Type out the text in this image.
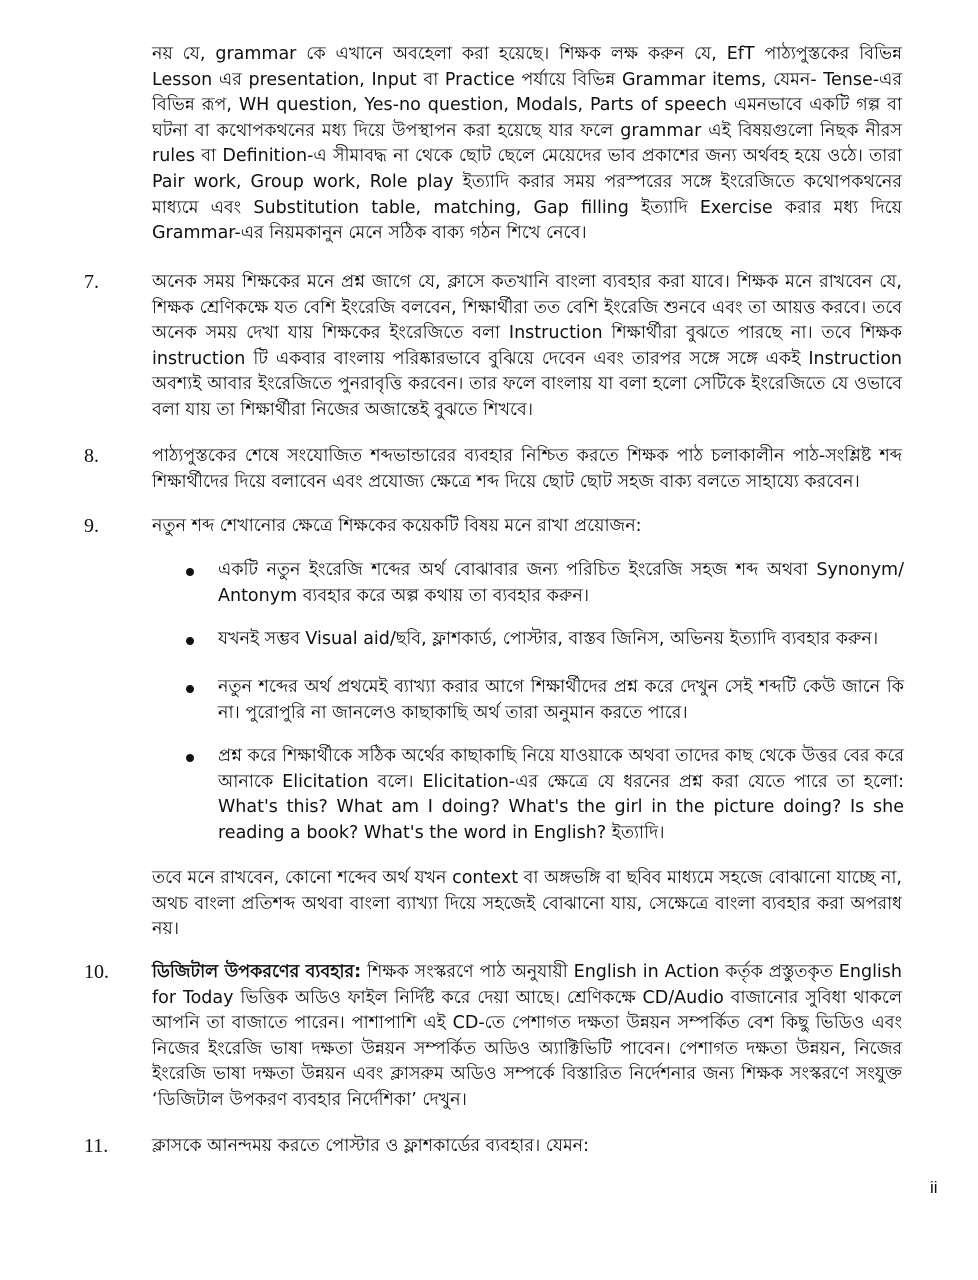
নয় যে, grammar কে এখানে অবহেলা করা হয়েছে। শিক্ষক লক্ষ করুন যে, EfT পাঠ্যপুস্তকের বিভিন্ন Lesson এর presentation, Input বা Practice পর্যায়ে বিভিন্ন Grammar items, যেমন- Tense-এর বিভিন্ন রূপ, WH question, Yes-no question, Modals, Parts of speech এমনভাবে একটি গল্প বা ঘটনা বা কথোপকথনের মধ্য দিয়ে উপস্থাপন করা হয়েছে যার ফলে grammar এই বিষয়গুলো নিছক নীরস rules বা Definition-এ সীমাবদ্ধ না থেকে ছোট ছেলে মেয়েদের ভাব প্রকাশের জন্য অর্থবহ হয়ে ওঠে। তারা Pair work, Group work, Role play ইত্যাদি করার সময় পরস্পরের সঙ্গে ইংরেজিতে কথোপকথনের মাধ্যমে এবং Substitution table, matching, Gap filling ইত্যাদি Exercise করার মধ্য দিয়ে Grammar-এর নিয়মকানুন মেনে সঠিক বাক্য গঠন শিখে নেবে।

7.	অনেক সময় শিক্ষকের মনে প্রশ্ন জাগে যে, ক্লাসে কতখানি বাংলা ব্যবহার করা যাবে। শিক্ষক মনে রাখবেন যে, শিক্ষক শ্রেণিকক্ষে যত বেশি ইংরেজি বলবেন, শিক্ষার্থীরা তত বেশি ইংরেজি শুনবে এবং তা আয়ত্ত করবে। তবে অনেক সময় দেখা যায় শিক্ষকের ইংরেজিতে বলা Instruction শিক্ষার্থীরা বুঝতে পারছে না। তবে শিক্ষক instruction টি একবার বাংলায় পরিষ্কারভাবে বুঝিয়ে দেবেন এবং তারপর সঙ্গে সঙ্গে একই Instruction অবশ্যই আবার ইংরেজিতে পুনরাবৃত্তি করবেন। তার ফলে বাংলায় যা বলা হলো সেটিকে ইংরেজিতে যে ওভাবে বলা যায় তা শিক্ষার্থীরা নিজের অজান্তেই বুঝতে শিখবে।

8.	পাঠ্যপুস্তকের শেষে সংযোজিত শব্দভান্ডারের ব্যবহার নিশ্চিত করতে শিক্ষক পাঠ চলাকালীন পাঠ-সংশ্লিষ্ট শব্দ শিক্ষার্থীদের দিয়ে বলাবেন এবং প্রযোজ্য ক্ষেত্রে শব্দ দিয়ে ছোট ছোট সহজ বাক্য বলতে সাহায্যে করবেন।

9.	নতুন শব্দ শেখানোর ক্ষেত্রে শিক্ষকের কয়েকটি বিষয় মনে রাখা প্রয়োজন:

একটি নতুন ইংরেজি শব্দের অর্থ বোঝাবার জন্য পরিচিত ইংরেজি সহজ শব্দ অথবা Synonym/ Antonym ব্যবহার করে অল্প কথায় তা ব্যবহার করুন।

যখনই সম্ভব Visual aid/ছবি, ফ্লাশকার্ড, পোস্টার, বাস্তব জিনিস, অভিনয় ইত্যাদি ব্যবহার করুন।

নতুন শব্দের অর্থ প্রথমেই ব্যাখ্যা করার আগে শিক্ষার্থীদের প্রশ্ন করে দেখুন সেই শব্দটি কেউ জানে কি না। পুরোপুরি না জানলেও কাছাকাছি অর্থ তারা অনুমান করতে পারে।

প্রশ্ন করে শিক্ষার্থীকে সঠিক অর্থের কাছাকাছি নিয়ে যাওয়াকে অথবা তাদের কাছ থেকে উত্তর বের করে আনাকে Elicitation বলে। Elicitation-এর ক্ষেত্রে যে ধরনের প্রশ্ন করা যেতে পারে তা হলো: What's this? What am I doing? What's the girl in the picture doing? Is she reading a book? What's the word in English? ইত্যাদি।

তবে মনে রাখবেন, কোনো শব্দেব অর্থ যখন context বা অঙ্গভঙ্গি বা ছবিব মাধ্যমে সহজে বোঝানো যাচ্ছে না, অথচ বাংলা প্রতিশব্দ অথবা বাংলা ব্যাখ্যা দিয়ে সহজেই বোঝানো যায়, সেক্ষেত্রে বাংলা ব্যবহার করা অপরাধ নয়।

10. ডিজিটাল উপকরণের ব্যবহার: শিক্ষক সংস্করণে পাঠ অনুযায়ী English in Action কর্তৃক প্রস্তুতকৃত English for Today ভিত্তিক অডিও ফাইল নির্দিষ্ট করে দেয়া আছে। শ্রেণিকক্ষে CD/Audio বাজানোর সুবিধা থাকলে আপনি তা বাজাতে পারেন। পাশাপাশি এই CD-তে পেশাগত দক্ষতা উন্নয়ন সম্পর্কিত বেশ কিছু ভিডিও এবং নিজের ইংরেজি ভাষা দক্ষতা উন্নয়ন সম্পর্কিত অডিও অ্যাক্টিভিটি পাবেন। পেশাগত দক্ষতা উন্নয়ন, নিজের ইংরেজি ভাষা দক্ষতা উন্নয়ন এবং ক্লাসরুম অডিও সম্পর্কে বিস্তারিত নির্দেশনার জন্য শিক্ষক সংস্করণে সংযুক্ত ‘ডিজিটাল উপকরণ ব্যবহার নির্দেশিকা’ দেখুন।

11. ক্লাসকে আনন্দময় করতে পোস্টার ও ফ্লাশকার্ডের ব্যবহার। যেমন:

ii
